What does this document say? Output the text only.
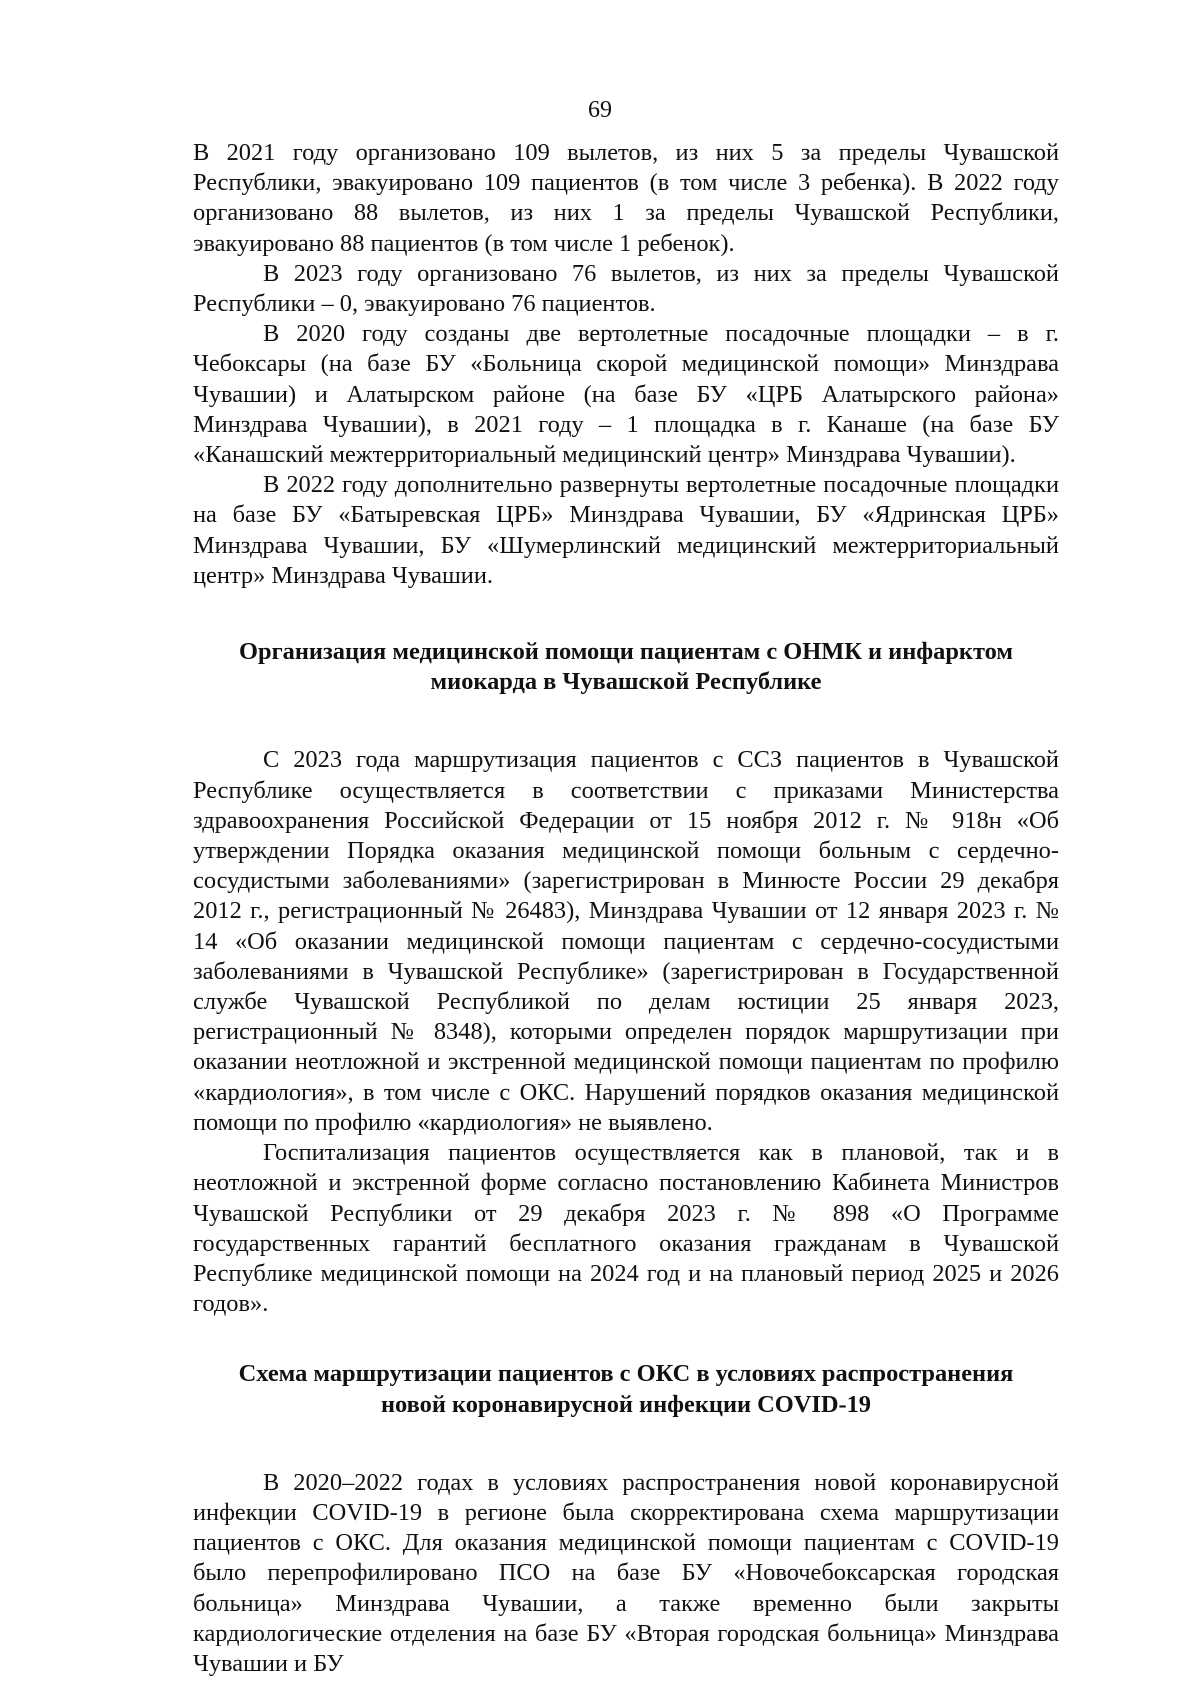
69

В 2021 году организовано 109 вылетов, из них 5 за пределы Чувашской Республики, эвакуировано 109 пациентов (в том числе 3 ребенка). В 2022 году организовано 88 вылетов, из них 1 за пределы Чувашской Республики, эвакуировано 88 пациентов (в том числе 1 ребенок).

В 2023 году организовано 76 вылетов, из них за пределы Чувашской Республики – 0, эвакуировано 76 пациентов.

В 2020 году созданы две вертолетные посадочные площадки – в г. Чебоксары (на базе БУ «Больница скорой медицинской помощи» Минздрава Чувашии) и Алатырском районе (на базе БУ «ЦРБ Алатырского района» Минздрава Чувашии), в 2021 году – 1 площадка в г. Канаше (на базе БУ «Канашский межтерриториальный медицинский центр» Минздрава Чувашии).

В 2022 году дополнительно развернуты вертолетные посадочные площадки на базе БУ «Батыревская ЦРБ» Минздрава Чувашии, БУ «Ядринская ЦРБ» Минздрава Чувашии, БУ «Шумерлинский медицинский межтерриториальный центр» Минздрава Чувашии.

Организация медицинской помощи пациентам с ОНМК и инфарктом
миокарда в Чувашской Республике

С 2023 года маршрутизация пациентов с ССЗ пациентов в Чувашской Республике осуществляется в соответствии с приказами Министерства здравоохранения Российской Федерации от 15 ноября 2012 г. № 918н «Об утверждении Порядка оказания медицинской помощи больным с сердечно-сосудистыми заболеваниями» (зарегистрирован в Минюсте России 29 декабря 2012 г., регистрационный № 26483), Минздрава Чувашии от 12 января 2023 г. № 14 «Об оказании медицинской помощи пациентам с сердечно-сосудистыми заболеваниями в Чувашской Республике» (зарегистрирован в Государственной службе Чувашской Республикой по делам юстиции 25 января 2023, регистрационный № 8348), которыми определен порядок маршрутизации при оказании неотложной и экстренной медицинской помощи пациентам по профилю «кардиология», в том числе с ОКС. Нарушений порядков оказания медицинской помощи по профилю «кардиология» не выявлено.

Госпитализация пациентов осуществляется как в плановой, так и в неотложной и экстренной форме согласно постановлению Кабинета Министров Чувашской Республики от 29 декабря 2023 г. № 898 «О Программе государственных гарантий бесплатного оказания гражданам в Чувашской Республике медицинской помощи на 2024 год и на плановый период 2025 и 2026 годов».

Схема маршрутизации пациентов с ОКС в условиях распространения
новой коронавирусной инфекции COVID-19

В 2020–2022 годах в условиях распространения новой коронавирусной инфекции COVID-19 в регионе была скорректирована схема маршрутизации пациентов с ОКС. Для оказания медицинской помощи пациентам с COVID-19 было перепрофилировано ПСО на базе БУ «Новочебоксарская городская больница» Минздрава Чувашии, а также временно были закрыты кардиологические отделения на базе БУ «Вторая городская больница» Минздрава Чувашии и БУ
